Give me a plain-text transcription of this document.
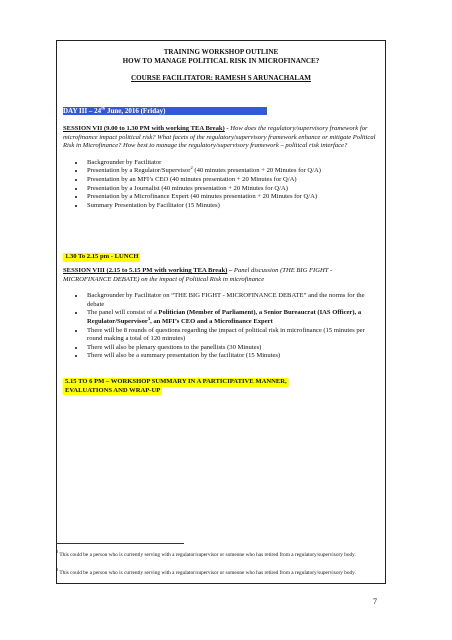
TRAINING WORKSHOP OUTLINE
HOW TO MANAGE POLITICAL RISK IN MICROFINANCE?
COURSE FACILITATOR: RAMESH S ARUNACHALAM
DAY III – 24th June, 2016 (Friday)
SESSION VII (9.00 to 1.30 PM with working TEA Break) - How does the regulatory/supervisory framework for microfinance impact political risk? What facets of the regulatory/supervisory framework enhance or mitigate Political Risk in Microfinance? How best to manage the regulatory/supervisory framework – political risk interface?
• Backgrounder by Facilitator
• Presentation by a Regulator/Supervisor$^2$ (40 minutes presentation + 20 Minutes for Q/A)
• Presentation by an MFI’s CEO (40 minutes presentation + 20 Minutes for Q/A)
• Presentation by a Journalist (40 minutes presentation + 20 Minutes for Q/A)
• Presentation by a Microfinance Expert (40 minutes presentation + 20 Minutes for Q/A)
• Summary Presentation by Facilitator (15 Minutes)
1.30 To 2.15 pm - LUNCH
SESSION VIII (2.15 to 5.15 PM with working TEA Break) – Panel discussion (THE BIG FIGHT - MICROFINANCE DEBATE) on the impact of Political Risk in microfinance
• Backgrounder by Facilitator on “THE BIG FIGHT - MICROFINANCE DEBATE” and the norms for the debate
• The panel will consist of a Politician (Member of Parliament), a Senior Bureaucrat (IAS Officer), a Regulator/Supervisor$^3$, an MFI’s CEO and a Microfinance Expert
• There will be 8 rounds of questions regarding the impact of political risk in microfinance (15 minutes per round making a total of 120 minutes)
• There will also be plenary questions to the panellists (30 Minutes)
• There will also be a summary presentation by the facilitator (15 Minutes)
5.15 TO 6 PM – WORKSHOP SUMMARY IN A PARTICIPATIVE MANNER,
EVALUATIONS AND WRAP-UP
$^2$ This could be a person who is currently serving with a regulator/supervisor or someone who has retired from a regulatory/supervisory body.
$^3$ This could be a person who is currently serving with a regulator/supervisor or someone who has retired from a regulatory/supervisory body.
7
